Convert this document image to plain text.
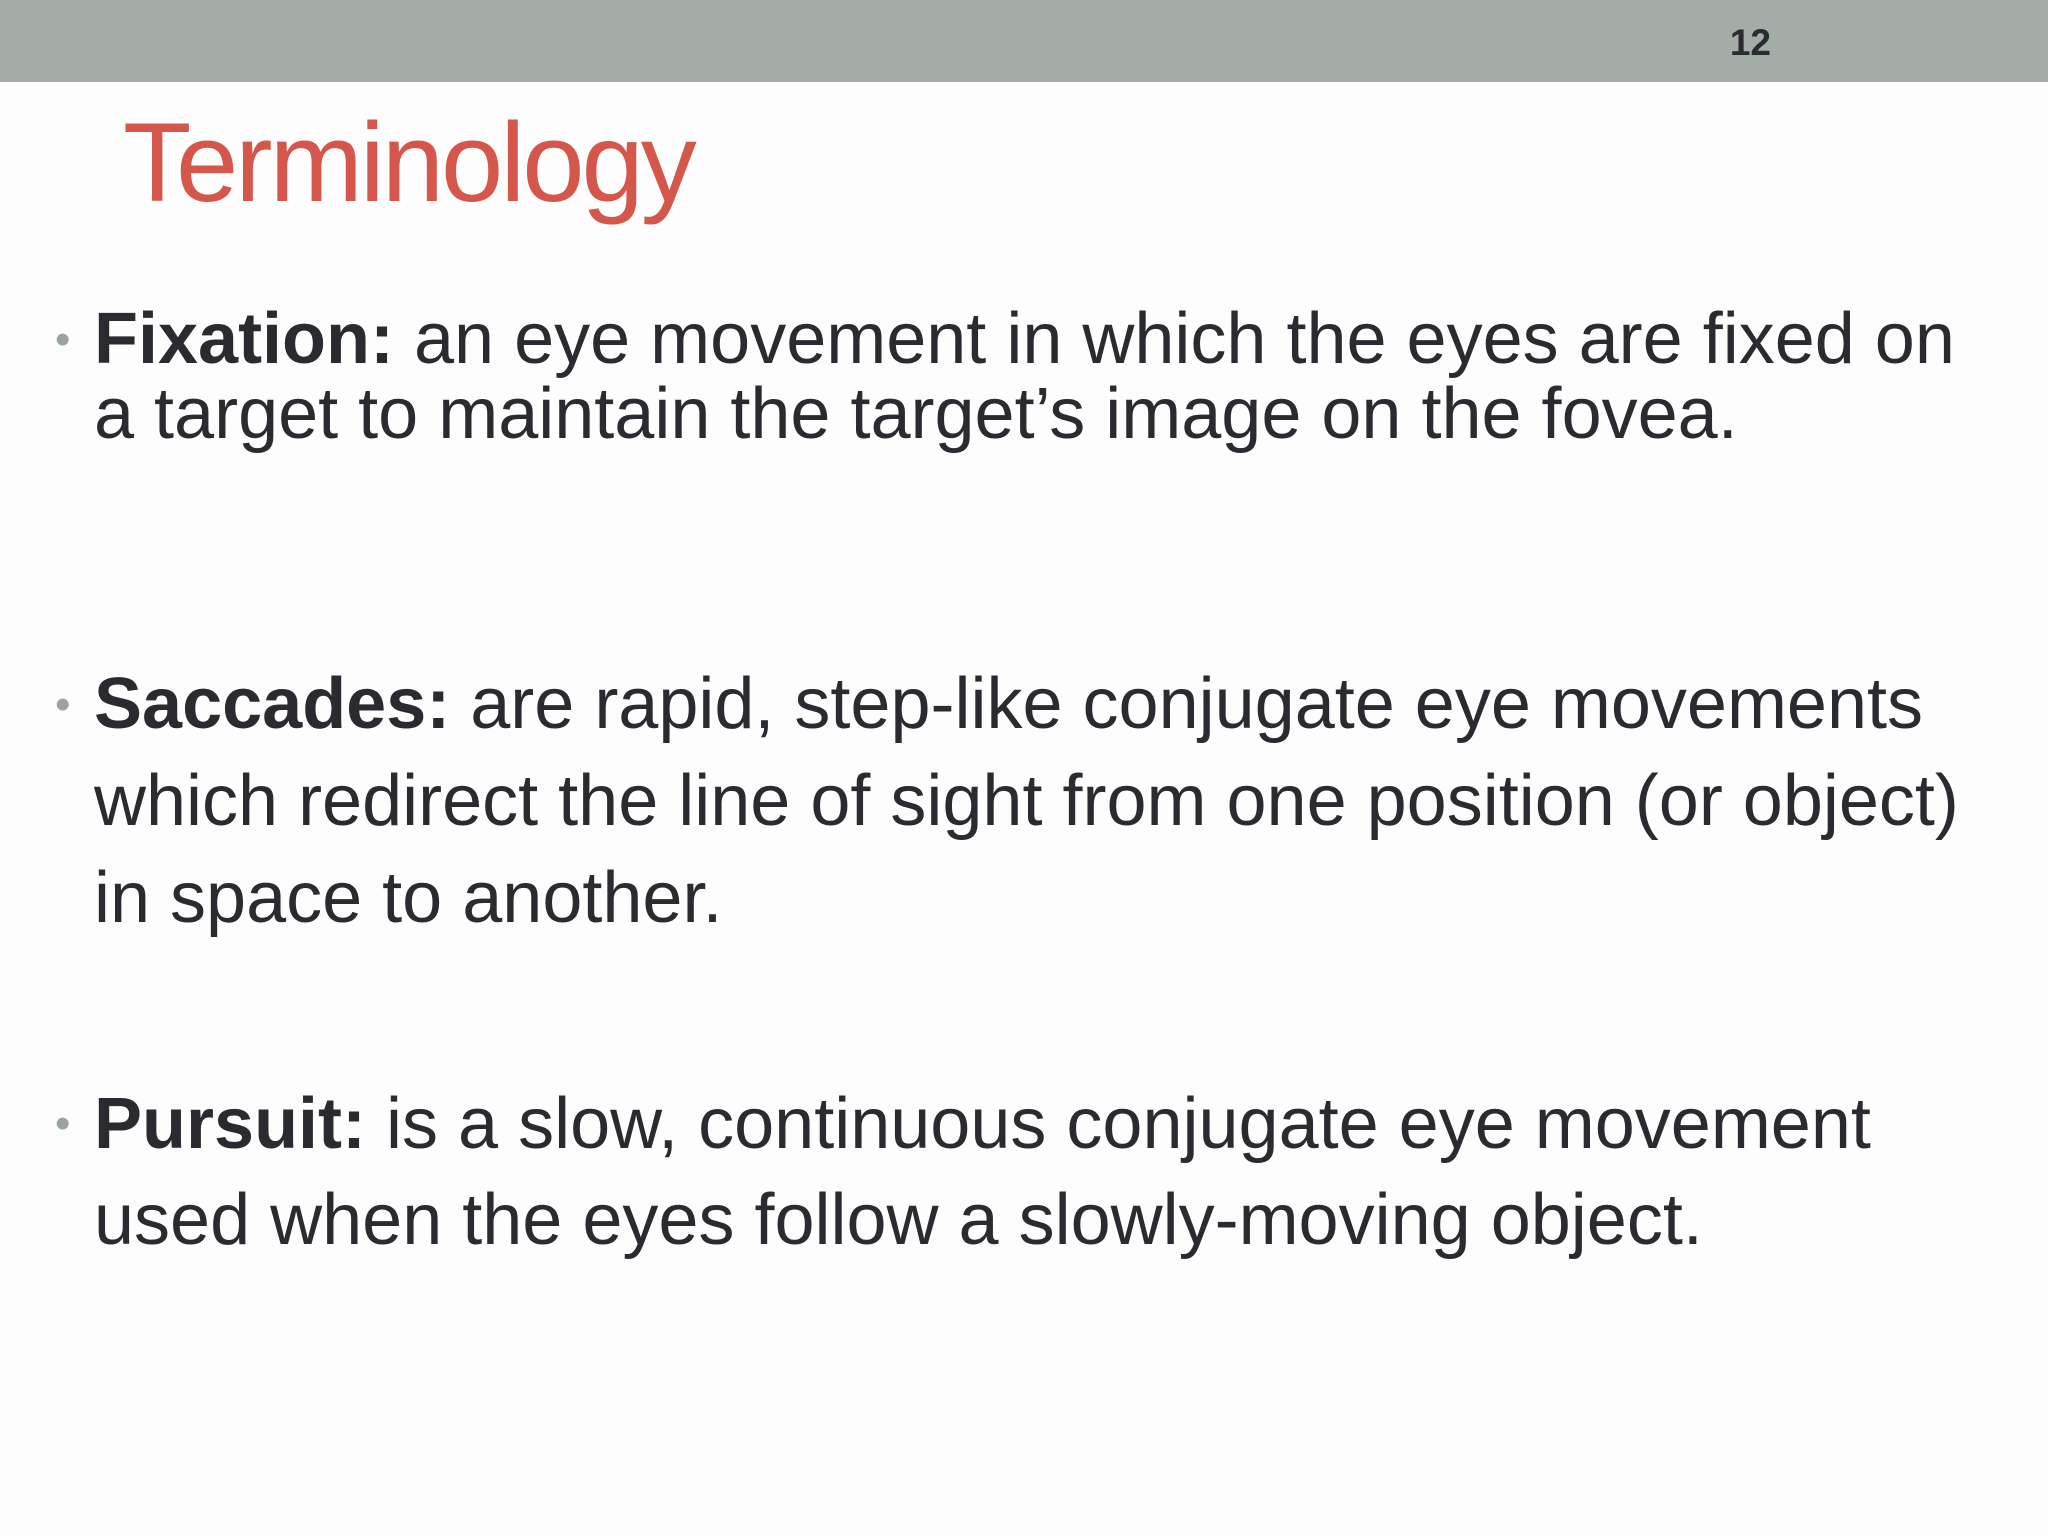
12
Terminology
• Fixation: an eye movement in which the eyes are fixed on a target to maintain the target’s image on the fovea.
• Saccades: are rapid, step-like conjugate eye movements which redirect the line of sight from one position (or object) in space to another.
• Pursuit: is a slow, continuous conjugate eye movement used when the eyes follow a slowly-moving object.
